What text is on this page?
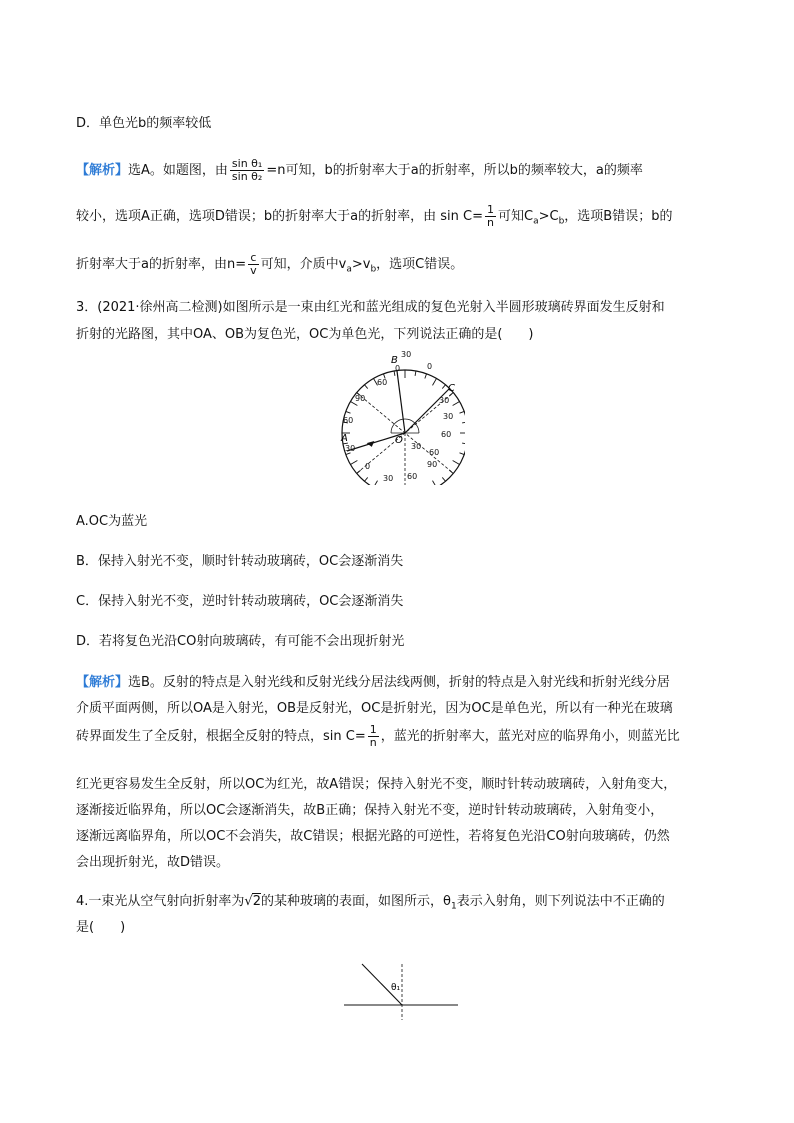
D．单色光b的频率较低
【解析】选A。如题图，由 $\frac{\text{sin θ₁}}{\text{sin θ₂}} =n$可知，b的折射率大于a的折射率，所以b的频率较大，a的频率
较小，选项A正确，选项D错误；b的折射率大于a的折射率，由 $\sin C= \frac{1}{n}$ 可知$C_a>C_b$，选项B错误；b的
折射率大于a的折射率，由$n= \frac{c}{v}$ 可知，介质中$v_a>v_b$，选项C错误。
3．(2021·徐州高二检测)如图所示是一束由红光和蓝光组成的复色光射入半圆形玻璃砖界面发生反射和
折射的光路图，其中OA、OB为复色光，OC为单色光，下列说法正确的是(　　)
A
B
C
O
60
30
0
30
90
60
30
60
30
0	90
60
30
60
30
0
A.OC为蓝光
B．保持入射光不变，顺时针转动玻璃砖，OC会逐渐消失
C．保持入射光不变，逆时针转动玻璃砖，OC会逐渐消失
D．若将复色光沿CO射向玻璃砖，有可能不会出现折射光
【解析】选B。反射的特点是入射光线和反射光线分居法线两侧，折射的特点是入射光线和折射光线分居
介质平面两侧，所以OA是入射光，OB是反射光，OC是折射光，因为OC是单色光，所以有一种光在玻璃
砖界面发生了全反射，根据全反射的特点，$\sin C= \frac{1}{n}$ ，蓝光的折射率大，蓝光对应的临界角小，则蓝光比
红光更容易发生全反射，所以OC为红光，故A错误；保持入射光不变，顺时针转动玻璃砖，入射角变大，
逐渐接近临界角，所以OC会逐渐消失，故B正确；保持入射光不变，逆时针转动玻璃砖，入射角变小，
逐渐远离临界角，所以OC不会消失，故C错误；根据光路的可逆性，若将复色光沿CO射向玻璃砖，仍然
会出现折射光，故D错误。
4.一束光从空气射向折射率为√2的某种玻璃的表面，如图所示，$\theta_1$表示入射角，则下列说法中不正确的
是(　　)
θ₁
